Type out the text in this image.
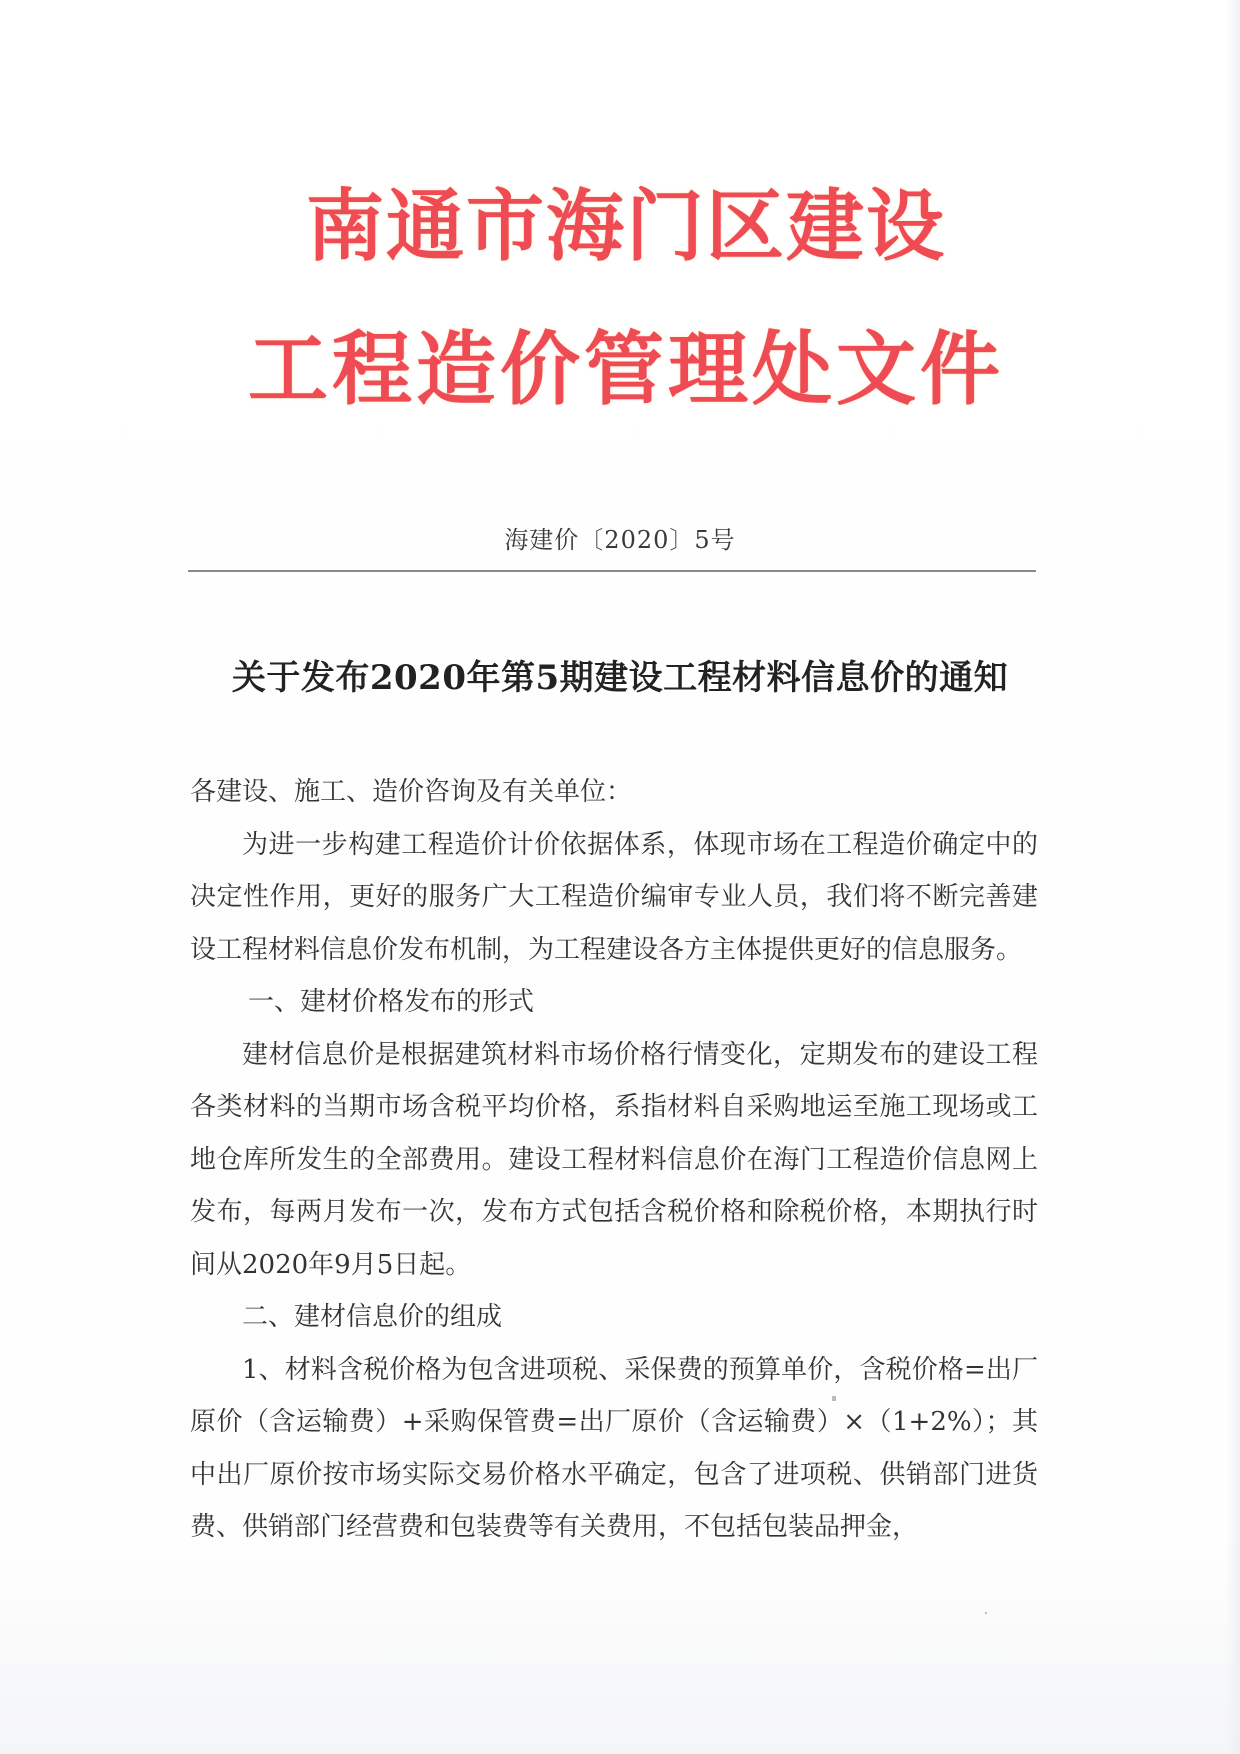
南通市海门区建设
工程造价管理处文件
海建价〔2020〕5号
关于发布2020年第5期建设工程材料信息价的通知

各建设、施工、造价咨询及有关单位：

为进一步构建工程造价计价依据体系，体现市场在工程造价确定中的决定性作用，更好的服务广大工程造价编审专业人员，我们将不断完善建设工程材料信息价发布机制，为工程建设各方主体提供更好的信息服务。

一、建材价格发布的形式

建材信息价是根据建筑材料市场价格行情变化，定期发布的建设工程各类材料的当期市场含税平均价格，系指材料自采购地运至施工现场或工地仓库所发生的全部费用。建设工程材料信息价在海门工程造价信息网上发布，每两月发布一次，发布方式包括含税价格和除税价格，本期执行时间从2020年9月5日起。

二、建材信息价的组成

1、材料含税价格为包含进项税、采保费的预算单价，含税价格=出厂原价（含运输费）+采购保管费=出厂原价（含运输费）×（1+2%）；其中出厂原价按市场实际交易价格水平确定，包含了进项税、供销部门进货费、供销部门经营费和包装费等有关费用，不包括包装品押金，
